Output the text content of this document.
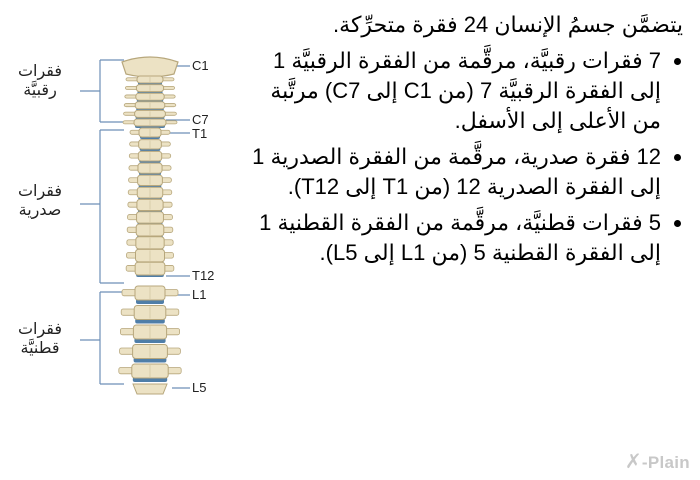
فقرات رقبيَّة
فقرات صدرية
فقرات قطنيَّة
C1
C7
T1
T12
L1
L5

يتضمَّن جسمُ الإنسان 24 فقرة متحرِّكة.

7 فقرات رقبيَّة، مرقَّمة من الفقرة الرقبيَّة 1 إلى الفقرة الرقبيَّة 7 (من C1 إلى C7) مرتَّبة من الأعلى إلى الأسفل.
12 فقرة صدرية، مرقَّمة من الفقرة الصدرية 1 إلى الفقرة الصدرية 12 (من T1 إلى T12).
5 فقرات قطنيَّة، مرقَّمة من الفقرة القطنية 1 إلى الفقرة القطنية 5 (من L1 إلى L5).
✗-Plain
